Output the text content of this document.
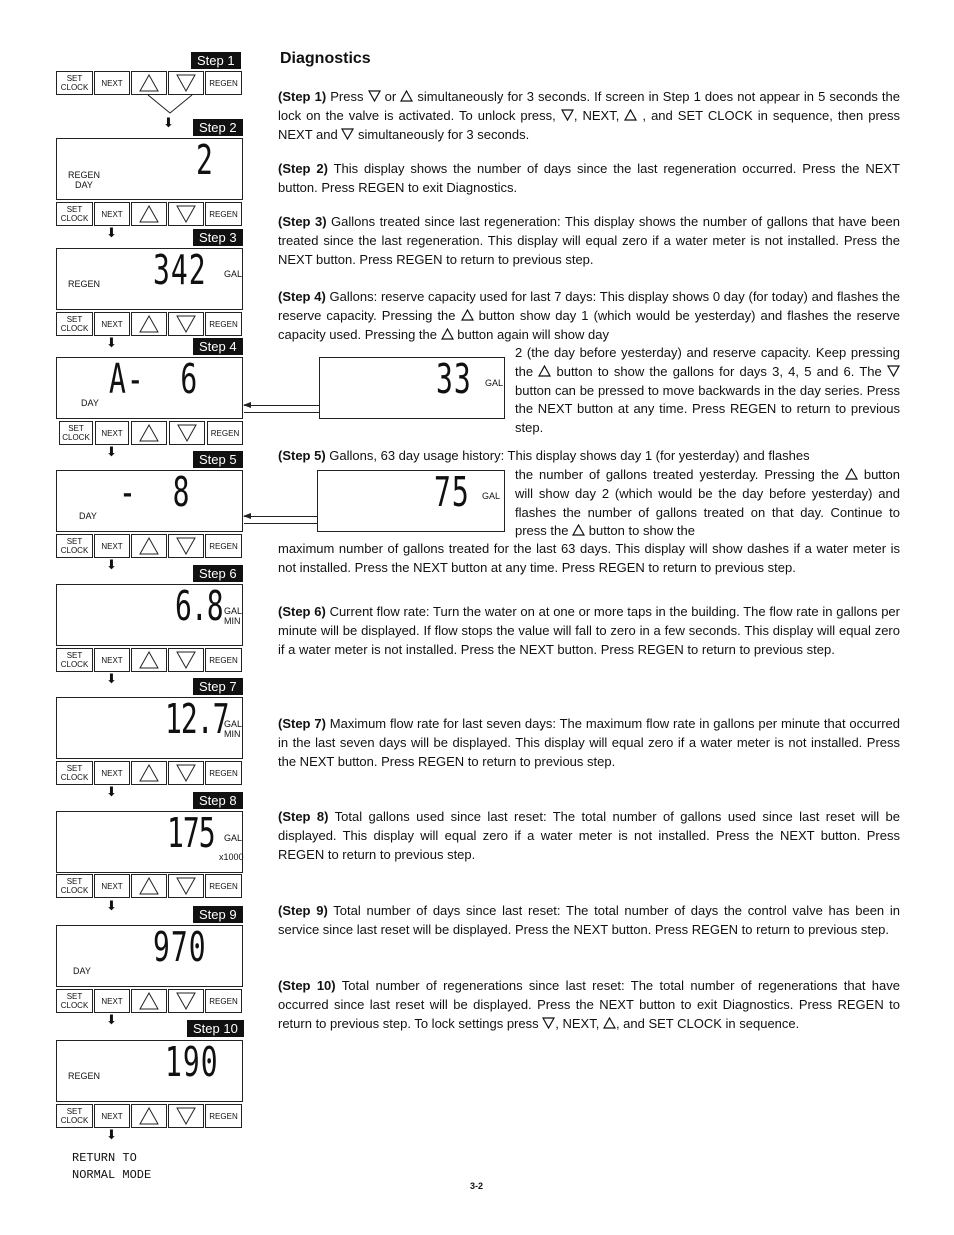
Step 1
SET
CLOCK	NEXT	REGEN
⬇	Step 2
REGEN
DAY
2
SET
CLOCK	NEXT	REGEN
⬇	Step 3
REGEN 342 GAL
SET
CLOCK	NEXT	REGEN
⬇	Step 4
DAY A-  6
SET
CLOCK	NEXT	REGEN
⬇
33 GAL
Step 5
DAY -  8
SET
CLOCK	NEXT	REGEN
⬇
75 GAL
Step 6
6.8 GAL
MIN
SET
CLOCK	NEXT	REGEN
⬇	Step 7
12.7
GAL
MIN
SET
CLOCK	NEXT	REGEN
⬇
Step 8
175 GAL
x1000
SET
CLOCK	NEXT	REGEN
⬇
Step 9
DAY 970
SET
CLOCK	NEXT	REGEN
⬇
Step 10
REGEN 190
SET
CLOCK	NEXT	REGEN
⬇
RETURN TO
NORMAL MODE
Diagnostics
(Step 1) Press or simultaneously for 3 seconds. If screen in Step 1 does not appear in 5 seconds the lock on the valve is activated. To unlock press, , NEXT, , and SET CLOCK in sequence, then press NEXT and simultaneously for 3 seconds.
(Step 2) This display shows the number of days since the last regeneration occurred. Press the NEXT button. Press REGEN to exit Diagnostics.
(Step 3) Gallons treated since last regeneration: This display shows the number of gallons that have been treated since the last regeneration. This display will equal zero if a water meter is not installed. Press the NEXT button. Press REGEN to return to previous step.
(Step 4) Gallons: reserve capacity used for last 7 days: This display shows 0 day (for today) and flashes the reserve capacity. Pressing the button show day 1 (which would be yesterday) and flashes the reserve capacity used. Pressing the button again will show day
2 (the day before yesterday) and reserve capacity. Keep pressing the button to show the gallons for days 3, 4, 5 and 6. The  button can be pressed to move backwards in the day series. Press the NEXT button at any time. Press REGEN to return to previous step.
(Step 5) Gallons, 63 day usage history: This display shows day 1 (for yesterday) and flashes
the number of gallons treated yesterday. Pressing the button will show day 2 (which would be the day before yesterday) and flashes the number of gallons treated on that day. Continue to press the button to show the
maximum number of gallons treated for the last 63 days. This display will show dashes if a water meter is not installed. Press the NEXT button at any time. Press REGEN to return to previous step.
(Step 6) Current flow rate: Turn the water on at one or more taps in the building. The flow rate in gallons per minute will be displayed. If flow stops the value will fall to zero in a few seconds. This display will equal zero if a water meter is not installed. Press the NEXT button. Press REGEN to return to previous step.
(Step 7) Maximum flow rate for last seven days: The maximum flow rate in gallons per minute that occurred in the last seven days will be displayed. This display will equal zero if a water meter is not installed. Press the NEXT button. Press REGEN to return to previous step.
(Step 8) Total gallons used since last reset: The total number of gallons used since last reset will be displayed. This display will equal zero if a water meter is not installed. Press the NEXT button. Press REGEN to return to previous step.
(Step 9) Total number of days since last reset: The total number of days the control valve has been in service since last reset will be displayed. Press the NEXT button. Press REGEN to return to previous step.
(Step 10) Total number of regenerations since last reset: The total number of regenerations that have occurred since last reset will be displayed. Press the NEXT button to exit Diagnostics. Press REGEN to return to previous step. To lock settings press , NEXT, , and SET CLOCK in sequence.
3-2
